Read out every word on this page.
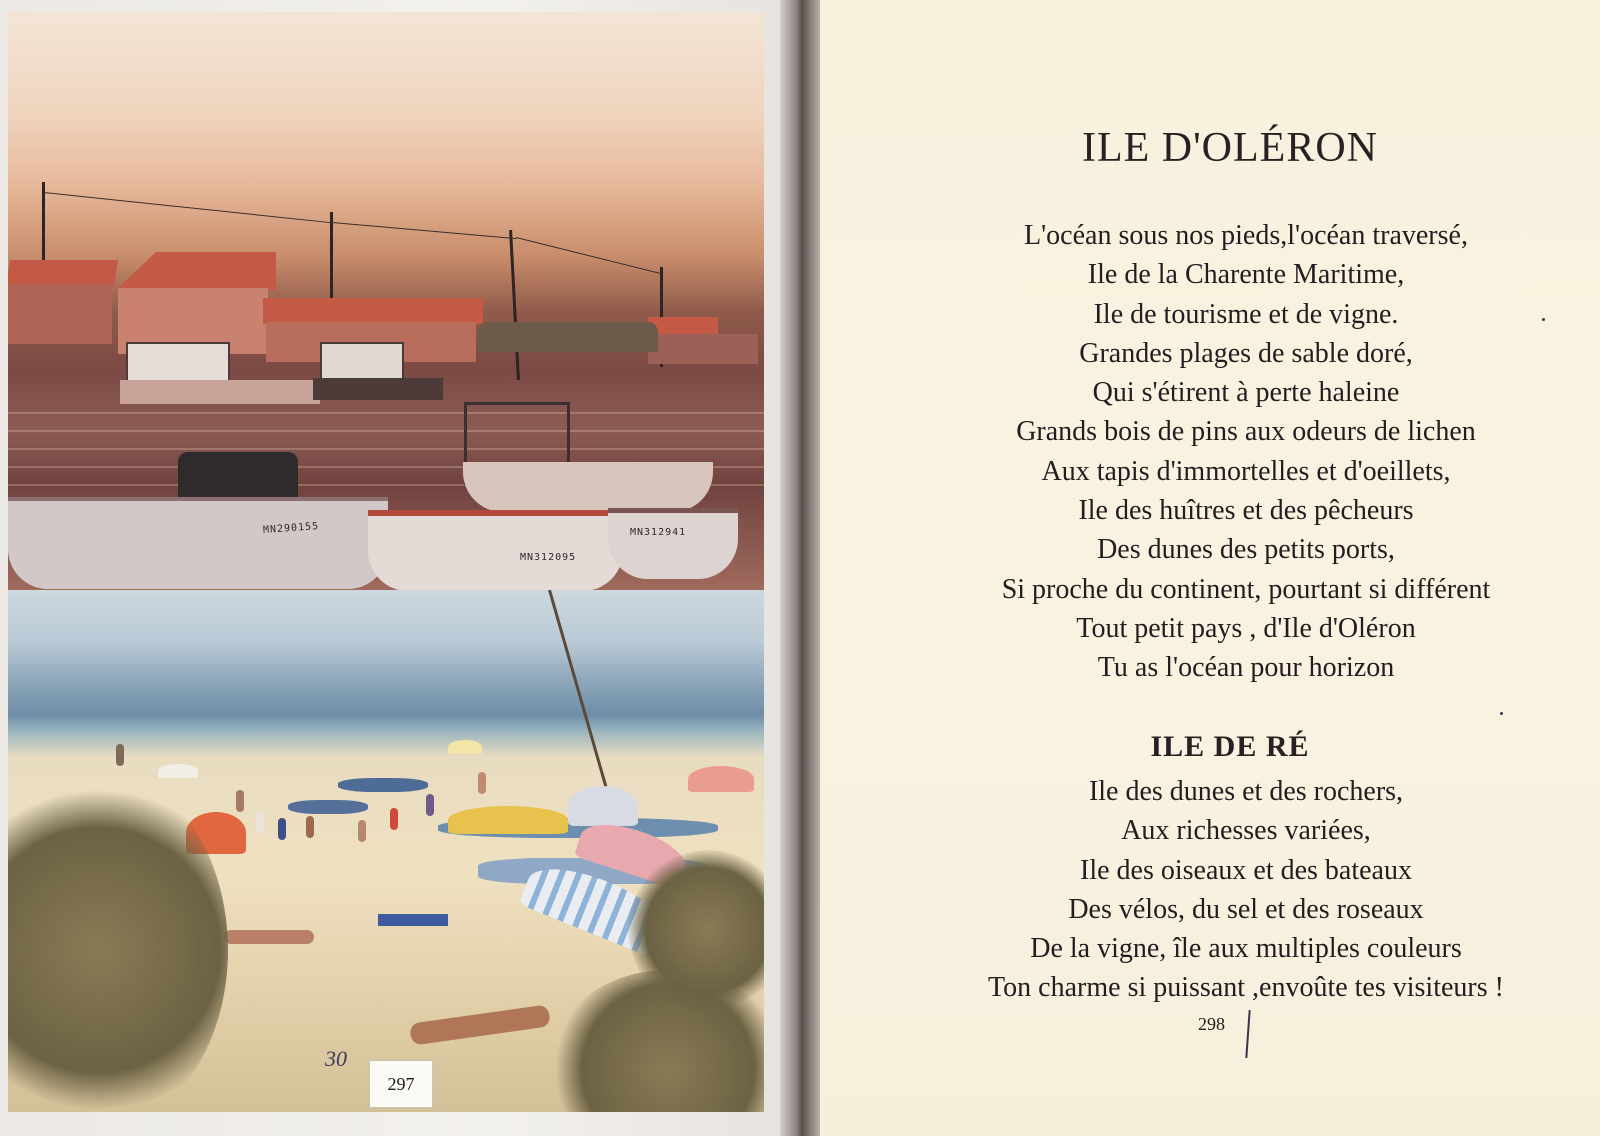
MN290155
MN312095
MN312941
30
297
ILE D'OLÉRON
L'océan sous nos pieds,l'océan traversé,
Ile de la Charente Maritime,
Ile de tourisme et de vigne.
Grandes plages de sable doré,
Qui s'étirent à perte haleine
Grands bois de pins aux odeurs de lichen
Aux tapis d'immortelles et d'oeillets,
Ile des huîtres et des pêcheurs
Des dunes des petits ports,
Si proche du continent, pourtant si différent
Tout petit pays , d'Ile d'Oléron
Tu as l'océan pour horizon
ILE DE RÉ
Ile des dunes et des rochers,
Aux richesses variées,
Ile des oiseaux et des bateaux
Des vélos, du sel et des roseaux
De la vigne, île aux multiples couleurs
Ton charme si puissant ,envoûte tes visiteurs !
298
